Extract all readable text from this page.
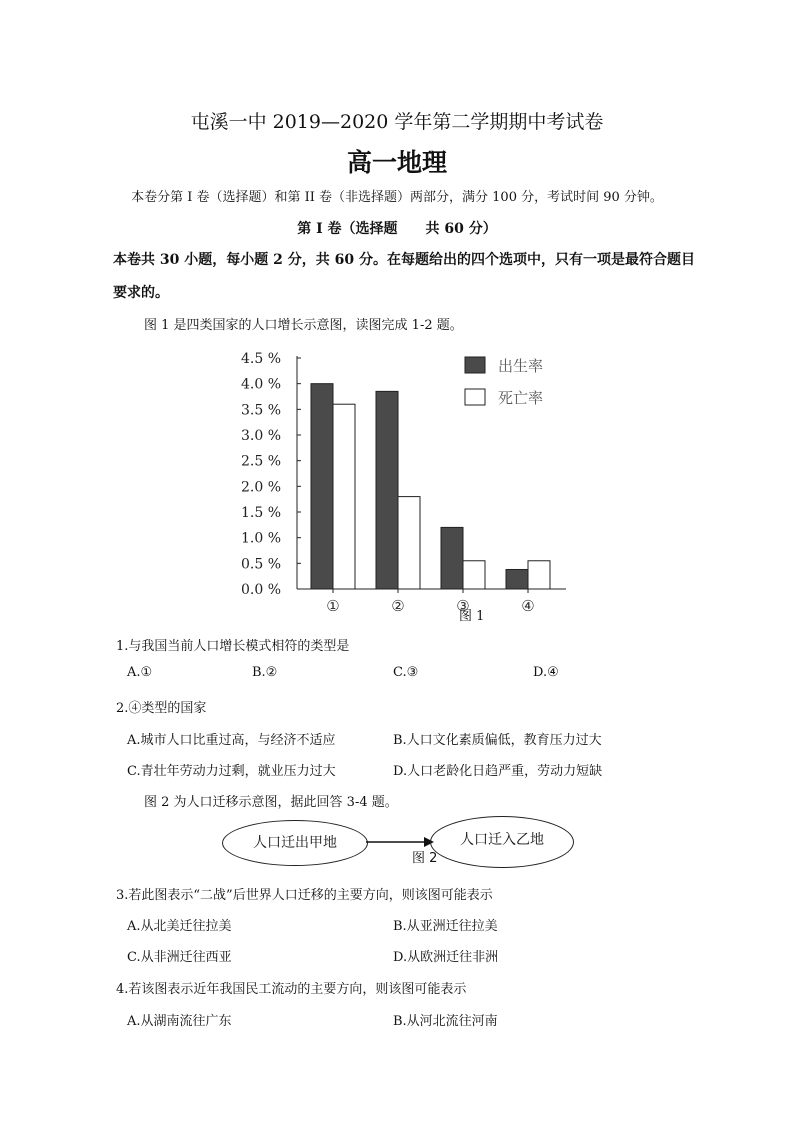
屯溪一中 2019—2020 学年第二学期期中考试卷
高一地理
本卷分第 I 卷（选择题）和第 II 卷（非选择题）两部分，满分 100 分，考试时间 90 分钟。
第 I 卷（选择题　　共 60 分）
本卷共 30 小题，每小题 2 分，共 60 分。在每题给出的四个选项中，只有一项是最符合题目
要求的。
图 1 是四类国家的人口增长示意图，读图完成 1-2 题。
4.5 %
4.0 %
3.5 %
3.0 %
2.5 %
2.0 %
1.5 %
1.0 %
0.5 %
0.0 %
①	②	③	④
出生率
死亡率
图 1
1.与我国当前人口增长模式相符的类型是
A.①	B.②	C.③	D.④
2.④类型的国家
A.城市人口比重过高，与经济不适应	B.人口文化素质偏低，教育压力过大
C.青壮年劳动力过剩，就业压力过大	D.人口老龄化日趋严重，劳动力短缺
图 2 为人口迁移示意图，据此回答 3-4 题。
人口迁出甲地	人口迁入乙地
图 2
3.若此图表示“二战”后世界人口迁移的主要方向，则该图可能表示
A.从北美迁往拉美	B.从亚洲迁往拉美
C.从非洲迁往西亚	D.从欧洲迁往非洲
4.若该图表示近年我国民工流动的主要方向，则该图可能表示
A.从湖南流往广东	B.从河北流往河南
